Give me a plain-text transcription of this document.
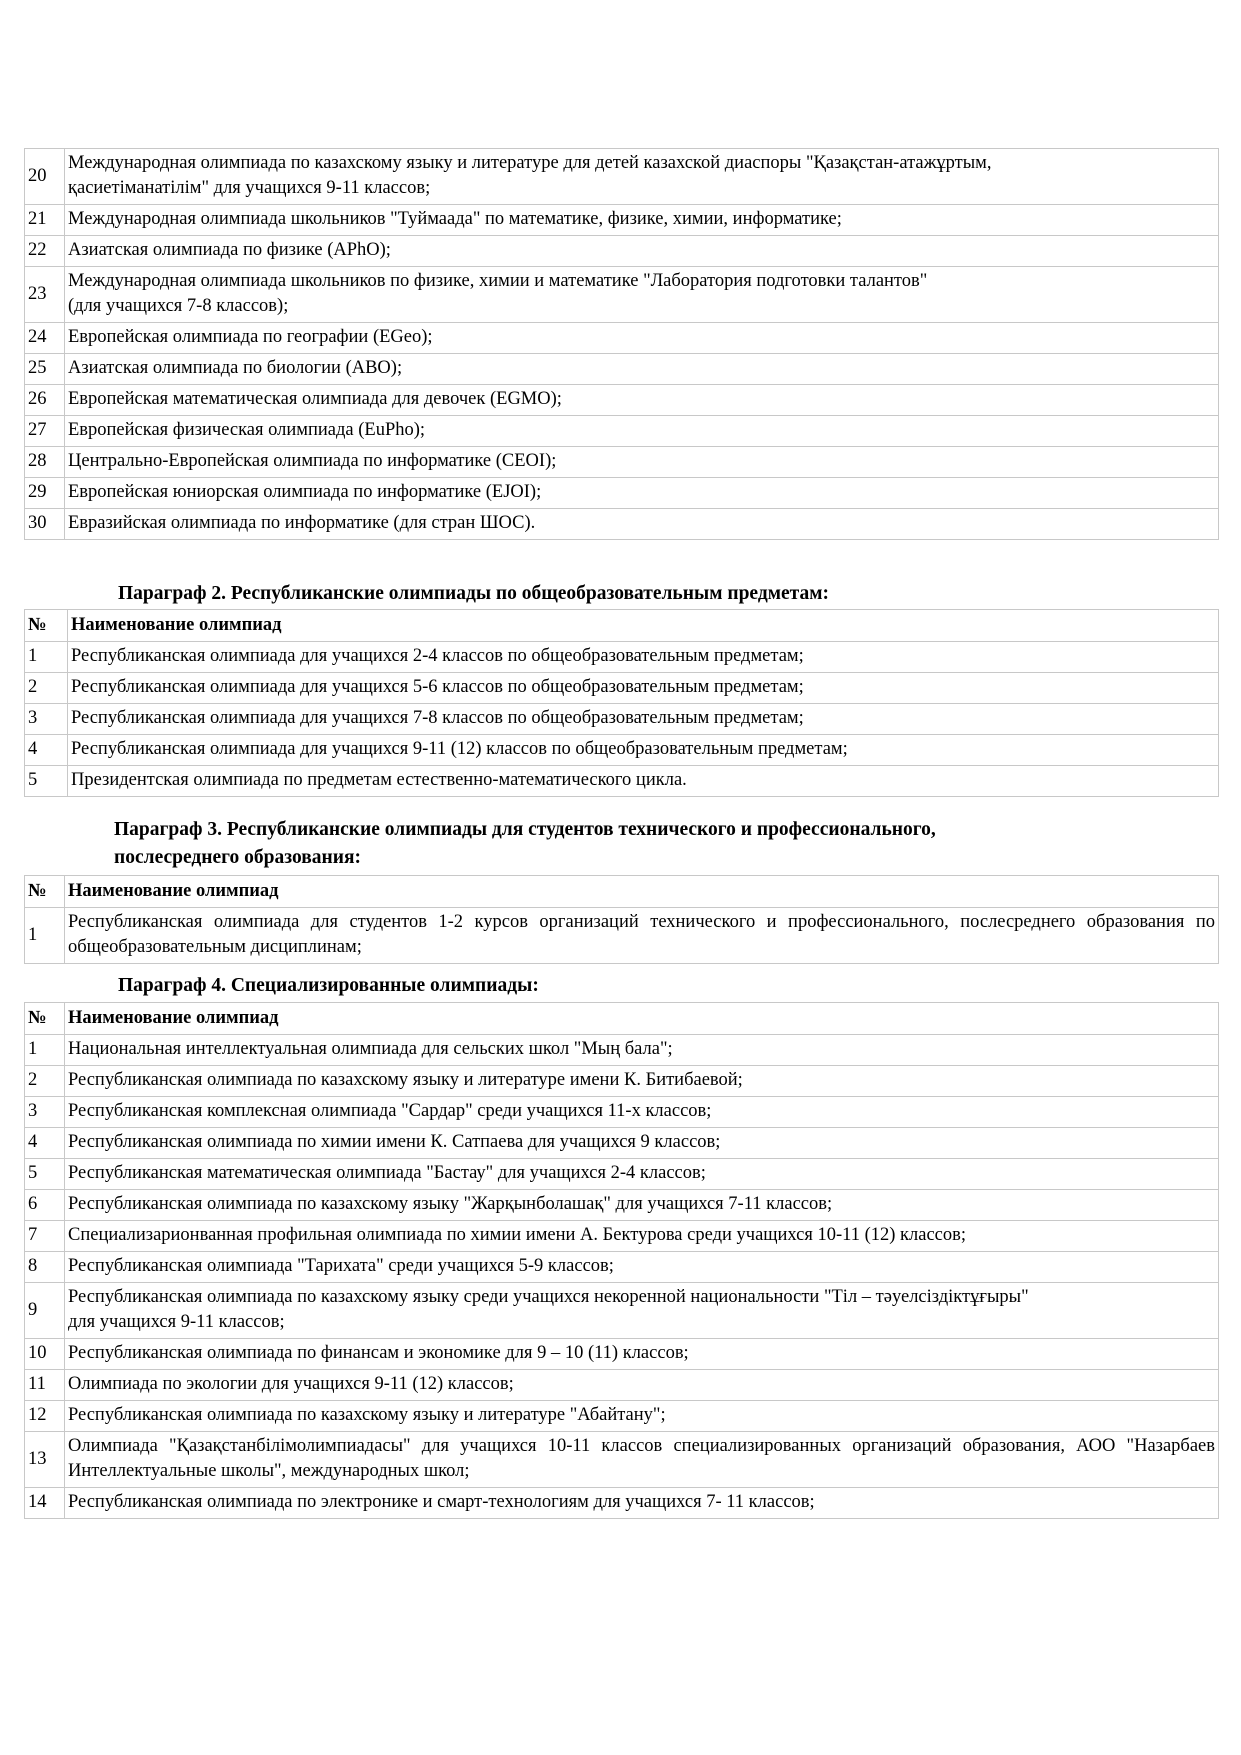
20	Международная олимпиада по казахскому языку и литературе для детей казахской диаспоры "Қазақстан-атажұртым,
қасиетіманатілім" для учащихся 9-11 классов;

21	Международная олимпиада школьников "Туймаада" по математике, физике, химии, информатике;
22	Азиатская олимпиада по физике (APhO);
23	Международная олимпиада школьников по физике, химии и математике "Лаборатория подготовки талантов"
(для учащихся 7-8 классов);

24	Европейская олимпиада по географии (EGeo);
25	Азиатская олимпиада по биологии (ABO);
26	Европейская математическая олимпиада для девочек (EGMO);
27	Европейская физическая олимпиада (EuPho);
28	Центрально-Европейская олимпиада по информатике (CEOI);
29	Европейская юниорская олимпиада по информатике (EJOI);
30	Евразийская олимпиада по информатике (для стран ШОС).
Параграф 2. Республиканские олимпиады по общеобразовательным предметам:
№	Наименование олимпиад
1	Республиканская олимпиада для учащихся 2-4 классов по общеобразовательным предметам;
2	Республиканская олимпиада для учащихся 5-6 классов по общеобразовательным предметам;
3	Республиканская олимпиада для учащихся 7-8 классов по общеобразовательным предметам;
4	Республиканская олимпиада для учащихся 9-11 (12) классов по общеобразовательным предметам;
5	Президентская олимпиада по предметам естественно-математического цикла.
Параграф 3. Республиканские олимпиады для студентов технического и профессионального,
послесреднего образования:
№	Наименование олимпиад
1	Республиканская олимпиада для студентов 1-2 курсов организаций технического и профессионального, послесреднего образования по общеобразовательным дисциплинам;
Параграф 4. Специализированные олимпиады:
№	Наименование олимпиад
1	Национальная интеллектуальная олимпиада для сельских школ "Мың бала";
2	Республиканская олимпиада по казахскому языку и литературе имени К. Битибаевой;
3	Республиканская комплексная олимпиада "Сардар" среди учащихся 11-х классов;
4	Республиканская олимпиада по химии имени К. Сатпаева для учащихся 9 классов;
5	Республиканская математическая олимпиада "Бастау" для учащихся 2-4 классов;
6	Республиканская олимпиада по казахскому языку "Жарқынболашақ" для учащихся 7-11 классов;
7	Специализарионванная профильная олимпиада по химии имени А. Бектурова среди учащихся 10-11 (12) классов;
8	Республиканская олимпиада "Тарихата" среди учащихся 5-9 классов;
9	Республиканская олимпиада по казахскому языку среди учащихся некоренной национальности "Тіл – тәуелсіздіктұғыры"
для учащихся 9-11 классов;

10	Республиканская олимпиада по финансам и экономике для 9 – 10 (11) классов;
11	Олимпиада по экологии для учащихся 9-11 (12) классов;
12	Республиканская олимпиада по казахскому языку и литературе "Абайтану";
13	Олимпиада "Қазақстанбілімолимпиадасы" для учащихся 10-11 классов специализированных организаций образования, АОО "Назарбаев Интеллектуальные школы", международных школ;
14	Республиканская олимпиада по электронике и смарт-технологиям для учащихся 7- 11 классов;
